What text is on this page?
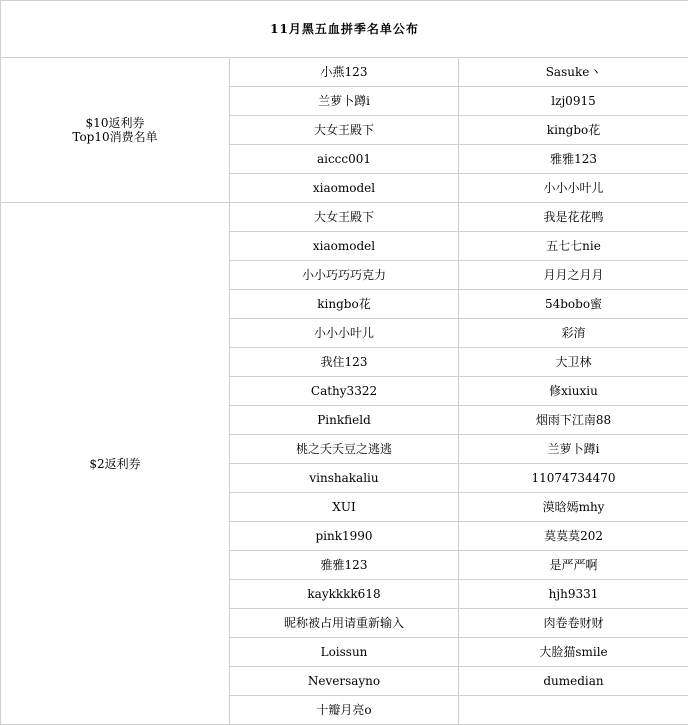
11月黑五血拼季名单公布		

$10返利券
Top10消费名单	小燕123	Sasuke丶
	兰萝卜蹲i	lzj0915
	大女王殿下	kingbo花
	aiccc001	雅雅123
	xiaomodel	小小小叶儿

$2返利券	大女王殿下	我是花花鸭
	xiaomodel	五七七nie
	小小巧巧巧克力	月月之月月
	kingbo花	54bobo蜜
	小小小叶儿	彩淯
	我住123	大卫林
	Cathy3322	修xiuxiu
	Pinkfield	烟雨下江南88
	桃之夭夭豆之逃逃	兰萝卜蹲i
	vinshakaliu	11074734470
	XUI	漠晗嫣mhy
	pink1990	莫莫莫202
	雅雅123	是严严啊
	kaykkkk618	hjh9331
	昵称被占用请重新输入	肉卷卷财财
	Loissun	大脸猫smile
	Neversayno	dumedian
	十瓣月亮o	
